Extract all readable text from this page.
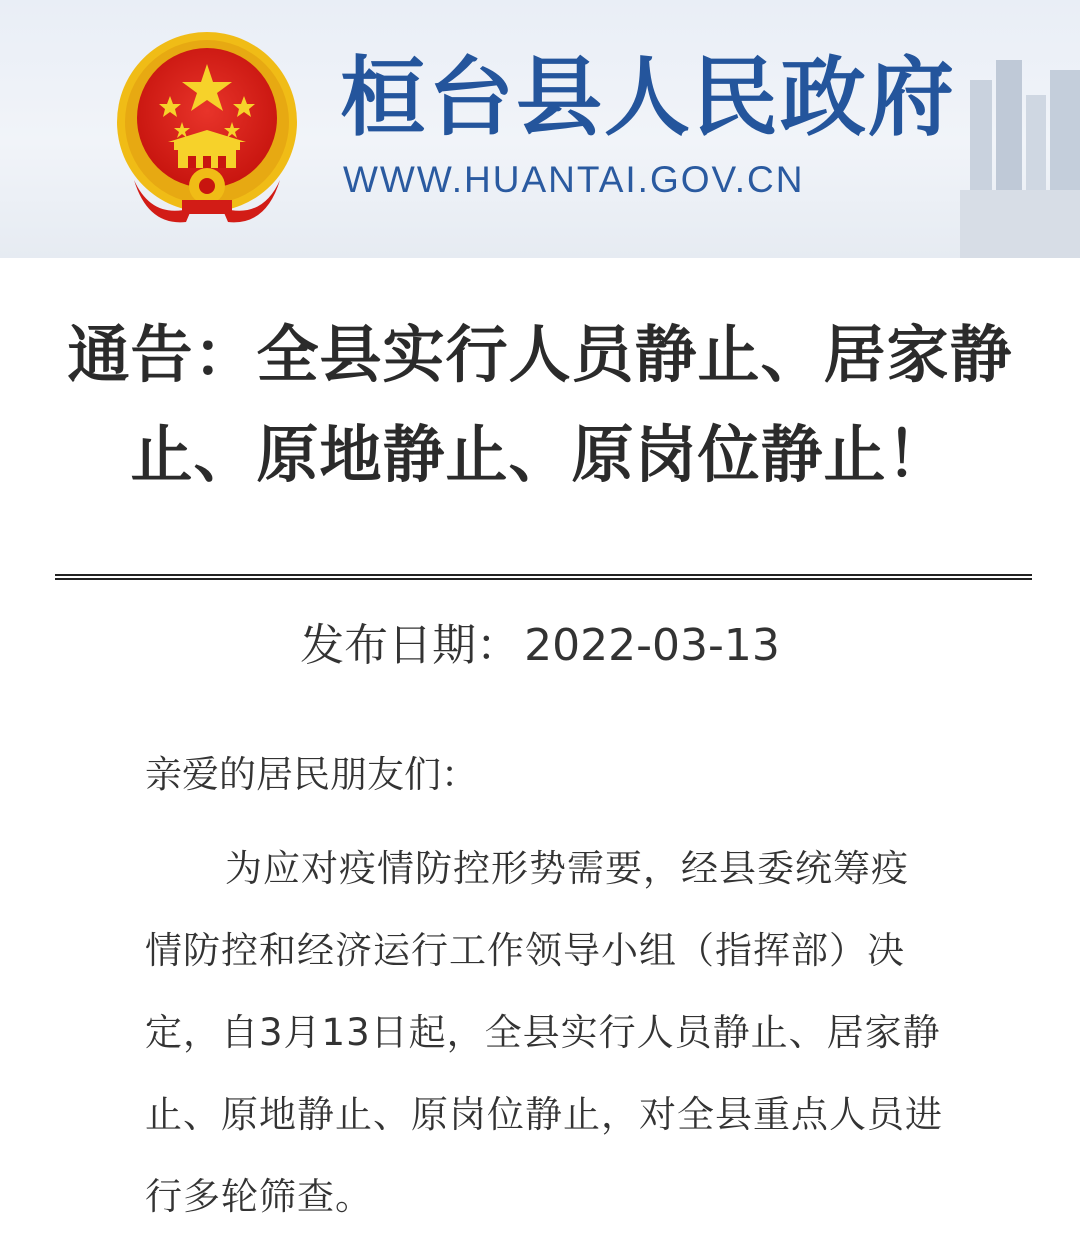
桓台县人民政府
WWW.HUANTAI.GOV.CN
通告：全县实行人员静止、居家静止、原地静止、原岗位静止！
发布日期：2022-03-13
亲爱的居民朋友们：
为应对疫情防控形势需要，经县委统筹疫情防控和经济运行工作领导小组（指挥部）决定，自3月13日起，全县实行人员静止、居家静止、原地静止、原岗位静止，对全县重点人员进行多轮筛查。
